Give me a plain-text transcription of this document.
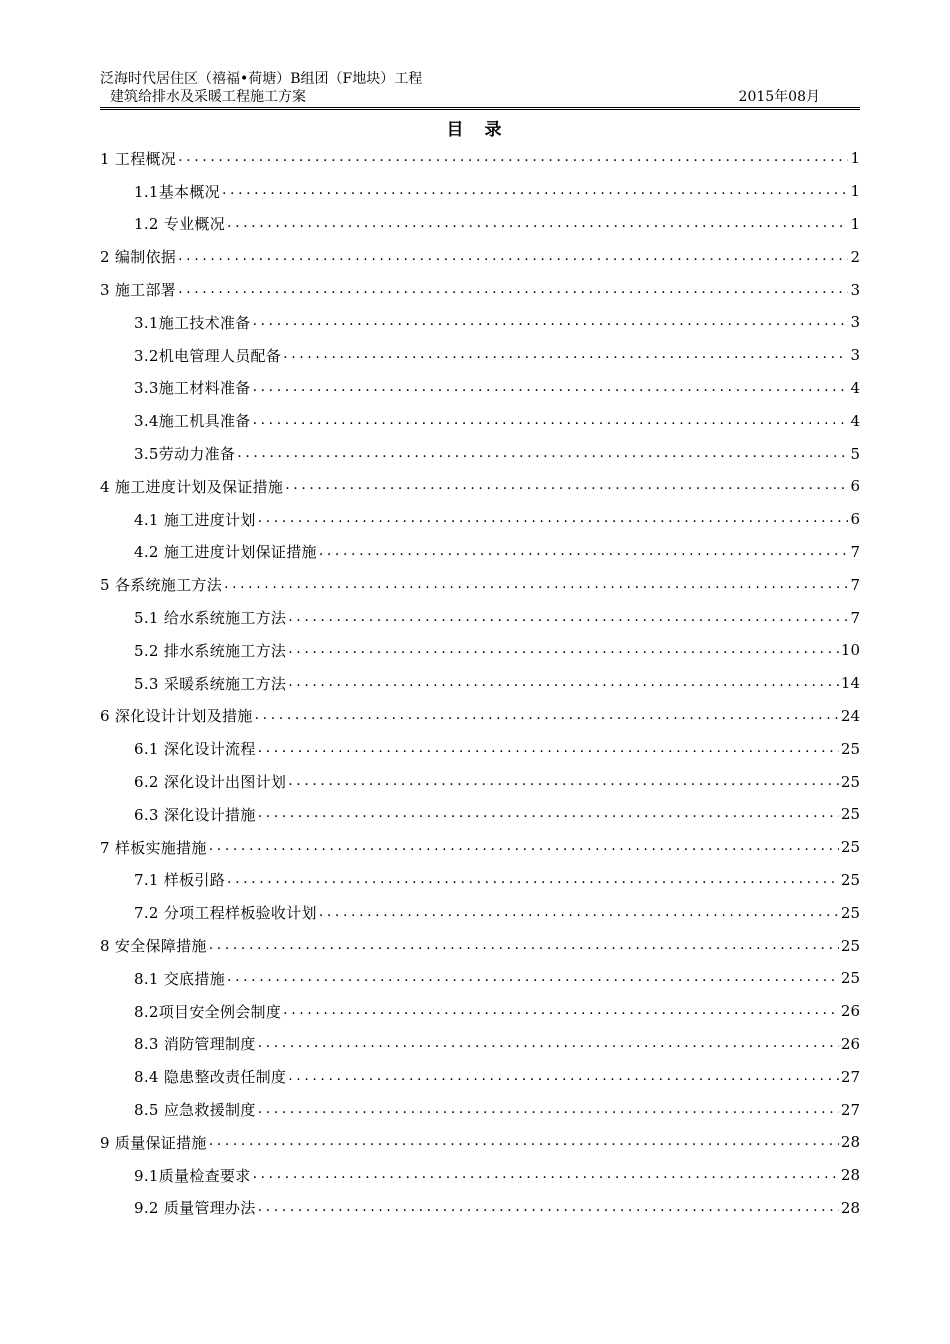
泛海时代居住区（禧福•荷塘）B组团（F地块）工程
建筑给排水及采暖工程施工方案	2015年08月
目　录
1 工程概况 .....	1
1.1基本概况 .....	1
1.2 专业概况 .....	1
2 编制依据 .....	2
3 施工部署 .....	3
3.1施工技术准备 .....	3
3.2机电管理人员配备 .....	3
3.3施工材料准备 .....	4
3.4施工机具准备 .....	4
3.5劳动力准备 .....	5
4 施工进度计划及保证措施 .....	6
4.1 施工进度计划 .....	6
4.2 施工进度计划保证措施 .....	7
5 各系统施工方法 .....	7
5.1 给水系统施工方法 .....	7
5.2 排水系统施工方法 .....	10
5.3 采暖系统施工方法 .....	14
6 深化设计计划及措施 .....	24
6.1 深化设计流程 .....	25
6.2 深化设计出图计划 .....	25
6.3 深化设计措施 .....	25
7 样板实施措施 .....	25
7.1 样板引路 .....	25
7.2 分项工程样板验收计划 .....	25
8 安全保障措施 .....	25
8.1 交底措施 .....	25
8.2项目安全例会制度 .....	26
8.3 消防管理制度 .....	26
8.4 隐患整改责任制度 .....	27
8.5 应急救援制度 .....	27
9 质量保证措施 .....	28
9.1质量检查要求 .....	28
9.2 质量管理办法 .....	28
